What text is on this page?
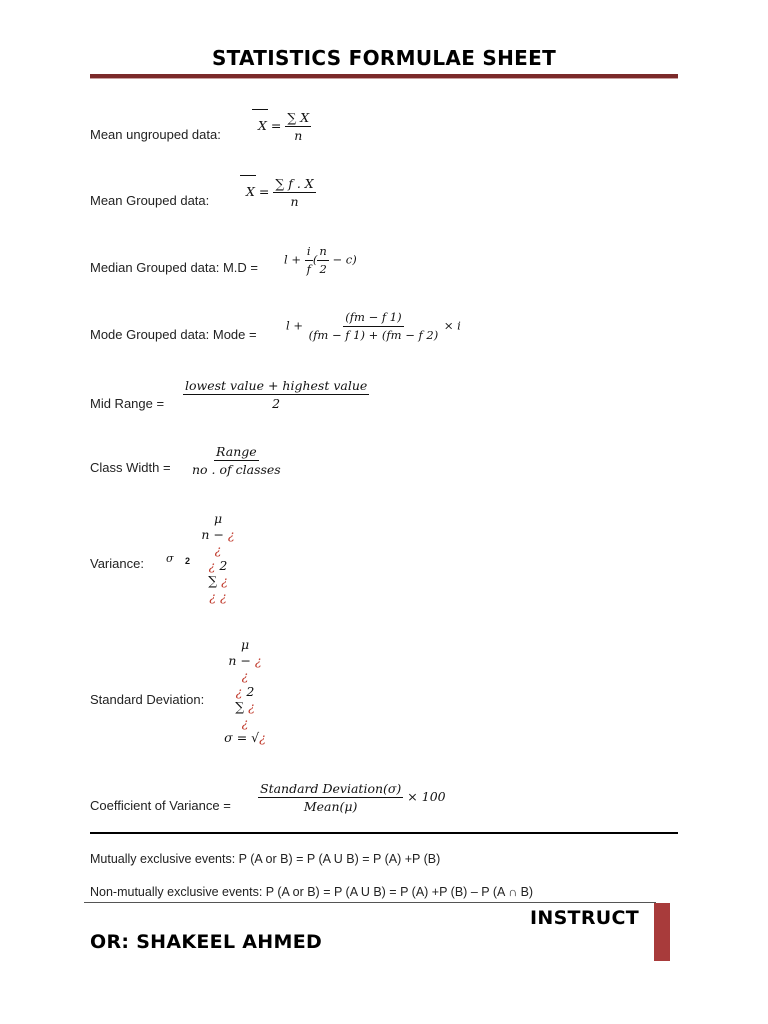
STATISTICS FORMULAE SHEET
Mean ungrouped data:
$X = \frac{\sum X}{n}$
Mean Grouped data:
$X = \frac{\sum f . X}{n}$
Median Grouped data: M.D =
$l + \frac{i}{f}$ ( $\frac{n}{2} - c$)
Mode Grouped data: Mode =
$l + \frac{(fm - f 1)}{(fm - f 1) + (fm - f 2)} \times i$
Mid Range = $\frac{\text{lowest value + highest value}}{2}$
Class Width = $\frac{\text{Range}}{\text{no . of classes}}$
Variance: σ 2
μ
n − ¿
¿
¿ 2
∑ ¿
¿ ¿
Standard Deviation:
μ
n − ¿
¿
¿ 2
∑ ¿
¿
σ = √¿
Coefficient of Variance = $\frac{\text{Standard Deviation(σ)}}{\text{Mean(μ)}} \times 100$
Mutually exclusive events: P (A or B) = P (A U B) = P (A) +P (B)
Non-mutually exclusive events: P (A or B) = P (A U B) = P (A) +P (B) – P (A ∩ B)
INSTRUCT
OR: SHAKEEL AHMED
